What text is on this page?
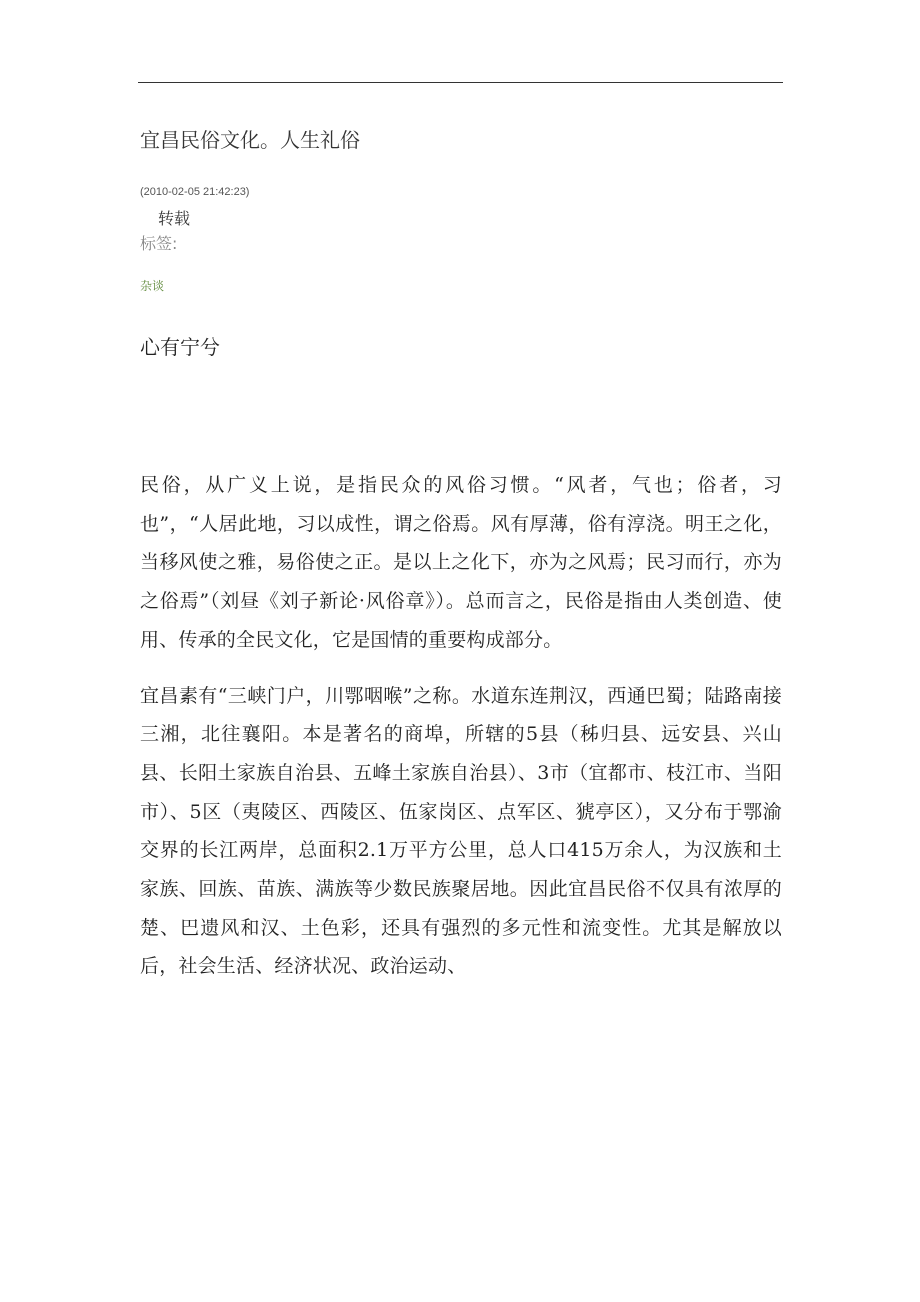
宜昌民俗文化。人生礼俗
(2010-02-05 21:42:23)
转载
标签:
杂谈
心有宁兮

民俗，从广义上说，是指民众的风俗习惯。“风者，气也；俗者，习也”，“人居此地，习以成性，谓之俗焉。风有厚薄，俗有淳浇。明王之化，当移风使之雅，易俗使之正。是以上之化下，亦为之风焉；民习而行，亦为之俗焉”（刘昼《刘子新论·风俗章》）。总而言之，民俗是指由人类创造、使用、传承的全民文化，它是国情的重要构成部分。

宜昌素有“三峡门户，川鄂咽喉”之称。水道东连荆汉，西通巴蜀；陆路南接三湘，北往襄阳。本是著名的商埠，所辖的5县（秭归县、远安县、兴山县、长阳土家族自治县、五峰土家族自治县）、3市（宜都市、枝江市、当阳市）、5区（夷陵区、西陵区、伍家岗区、点军区、猇亭区），又分布于鄂渝交界的长江两岸，总面积2.1万平方公里，总人口415万余人，为汉族和土家族、回族、苗族、满族等少数民族聚居地。因此宜昌民俗不仅具有浓厚的楚、巴遗风和汉、土色彩，还具有强烈的多元性和流变性。尤其是解放以后，社会生活、经济状况、政治运动、
